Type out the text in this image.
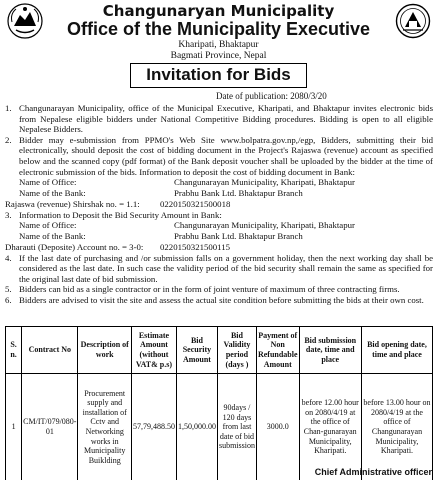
Changunaryan Municipality
Office of the Municipality Executive
Kharipati, Bhaktapur
Bagmati Province, Nepal
Invitation for Bids
Date of publication: 2080/3/20
1. Changunarayan Municipality, office of the Municipal Executive, Kharipati, and Bhaktapur invites electronic bids from Nepalese eligible bidders under National Competitive Bidding procedures. Bidding is open to all eligible Nepalese Bidders.
2. Bidder may e-submission from PPMO's Web Site www.bolpatra.gov.np,/egp, Bidders, submitting their bid electronically, should deposit the cost of bidding document in the Project's Rajaswa (revenue) account as specified below and the scanned copy (pdf format) of the Bank deposit voucher shall be uploaded by the bidder at the time of electronic submission of the bids. Information to deposit the cost of bidding document in Bank:
Name of Office:	Changunarayan Municipality, Kharipati, Bhaktapur
Name of the Bank:	Prabhu Bank Ltd. Bhaktapur Branch
Rajaswa (revenue) Shirshak no. = 1.1:	0220150321500018
3. Information to Deposit the Bid Security Amount in Bank:
Name of Office:	Changunarayan Municipality, Kharipati, Bhaktapur
Name of the Bank:	Prabhu Bank Ltd. Bhaktapur Branch
Dharauti (Deposite) Account no. = 3-0:	0220150321500115
4. If the last date of purchasing and /or submission falls on a government holiday, then the next working day shall be considered as the last date. In such case the validity period of the bid security shall remain the same as specified for the original last date of bid submission.
5. Bidders can bid as a single contractor or in the form of joint venture of maximum of three contracting firms.
6. Bidders are advised to visit the site and assess the actual site condition before submitting the bids at their own cost.
S. n.	Contract No	Description of work	Estimate Amount (without VAT& p.s)	Bid Security Amount	Bid Validity period (days )	Payment of Non Refundable Amount	Bid submission date, time and place	Bid opening date, time and place
1	CM/IT/079/080-01	Procurement supply and installation of Cctv and Networking works in Municipality Buiklding	57,79,488.50	1,50,000.00	90days / 120 days from last date of bid submission	3000.0	before 12.00 hour on 2080/4/19 at the office of Chan-gunarayan Municipality, Kharipati.	before 13.00 hour on 2080/4/19 at the office of Changunarayan Municipality, Kharipati.
Chief Administrative officer
